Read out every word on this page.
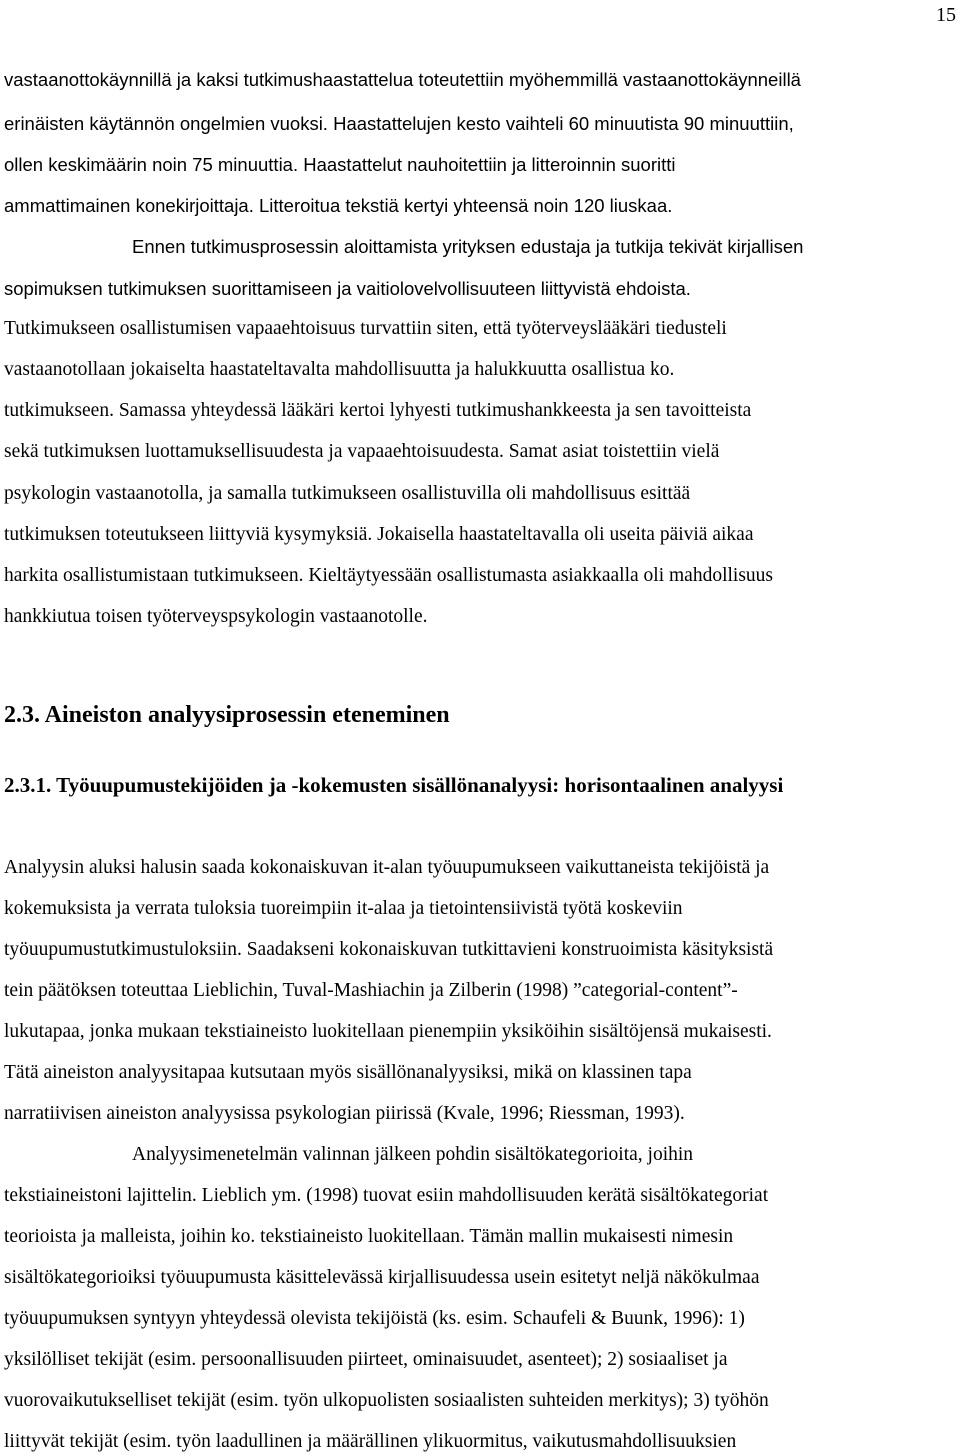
15
vastaanottokäynnillä ja kaksi tutkimushaastattelua toteutettiin myöhemmillä vastaanottokäynneillä
erinäisten käytännön ongelmien vuoksi. Haastattelujen kesto vaihteli 60 minuutista 90 minuuttiin,
ollen keskimäärin noin 75 minuuttia. Haastattelut nauhoitettiin ja litteroinnin suoritti
ammattimainen konekirjoittaja. Litteroitua tekstiä kertyi yhteensä noin 120 liuskaa.
Ennen tutkimusprosessin aloittamista yrityksen edustaja ja tutkija tekivät kirjallisen
sopimuksen tutkimuksen suorittamiseen ja vaitiolovelvollisuuteen liittyvistä ehdoista.
Tutkimukseen osallistumisen vapaaehtoisuus turvattiin siten, että työterveyslääkäri tiedusteli
vastaanotollaan jokaiselta haastateltavalta mahdollisuutta ja halukkuutta osallistua ko.
tutkimukseen. Samassa yhteydessä lääkäri kertoi lyhyesti tutkimushankkeesta ja sen tavoitteista
sekä tutkimuksen luottamuksellisuudesta ja vapaaehtoisuudesta. Samat asiat toistettiin vielä
psykologin vastaanotolla, ja samalla tutkimukseen osallistuvilla oli mahdollisuus esittää
tutkimuksen toteutukseen liittyviä kysymyksiä. Jokaisella haastateltavalla oli useita päiviä aikaa
harkita osallistumistaan tutkimukseen. Kieltäytyessään osallistumasta asiakkaalla oli mahdollisuus
hankkiutua toisen työterveyspsykologin vastaanotolle.
2.3. Aineiston analyysiprosessin eteneminen
2.3.1. Työuupumustekijöiden ja -kokemusten sisällönanalyysi: horisontaalinen analyysi
Analyysin aluksi halusin saada kokonaiskuvan it-alan työuupumukseen vaikuttaneista tekijöistä ja
kokemuksista ja verrata tuloksia tuoreimpiin it-alaa ja tietointensiivistä työtä koskeviin
työuupumustutkimustuloksiin. Saadakseni kokonaiskuvan tutkittavieni konstruoimista käsityksistä
tein päätöksen toteuttaa Lieblichin, Tuval-Mashiachin ja Zilberin (1998) ”categorial-content”-
lukutapaa, jonka mukaan tekstiaineisto luokitellaan pienempiin yksiköihin sisältöjensä mukaisesti.
Tätä aineiston analyysitapaa kutsutaan myös sisällönanalyysiksi, mikä on klassinen tapa
narratiivisen aineiston analyysissa psykologian piirissä (Kvale, 1996; Riessman, 1993).
Analyysimenetelmän valinnan jälkeen pohdin sisältökategorioita, joihin
tekstiaineistoni lajittelin. Lieblich ym. (1998) tuovat esiin mahdollisuuden kerätä sisältökategoriat
teorioista ja malleista, joihin ko. tekstiaineisto luokitellaan. Tämän mallin mukaisesti nimesin
sisältökategorioiksi työuupumusta käsittelevässä kirjallisuudessa usein esitetyt neljä näkökulmaa
työuupumuksen syntyyn yhteydessä olevista tekijöistä (ks. esim. Schaufeli & Buunk, 1996): 1)
yksilölliset tekijät (esim. persoonallisuuden piirteet, ominaisuudet, asenteet); 2) sosiaaliset ja
vuorovaikutukselliset tekijät (esim. työn ulkopuolisten sosiaalisten suhteiden merkitys); 3) työhön
liittyvät tekijät (esim. työn laadullinen ja määrällinen ylikuormitus, vaikutusmahdollisuuksien
